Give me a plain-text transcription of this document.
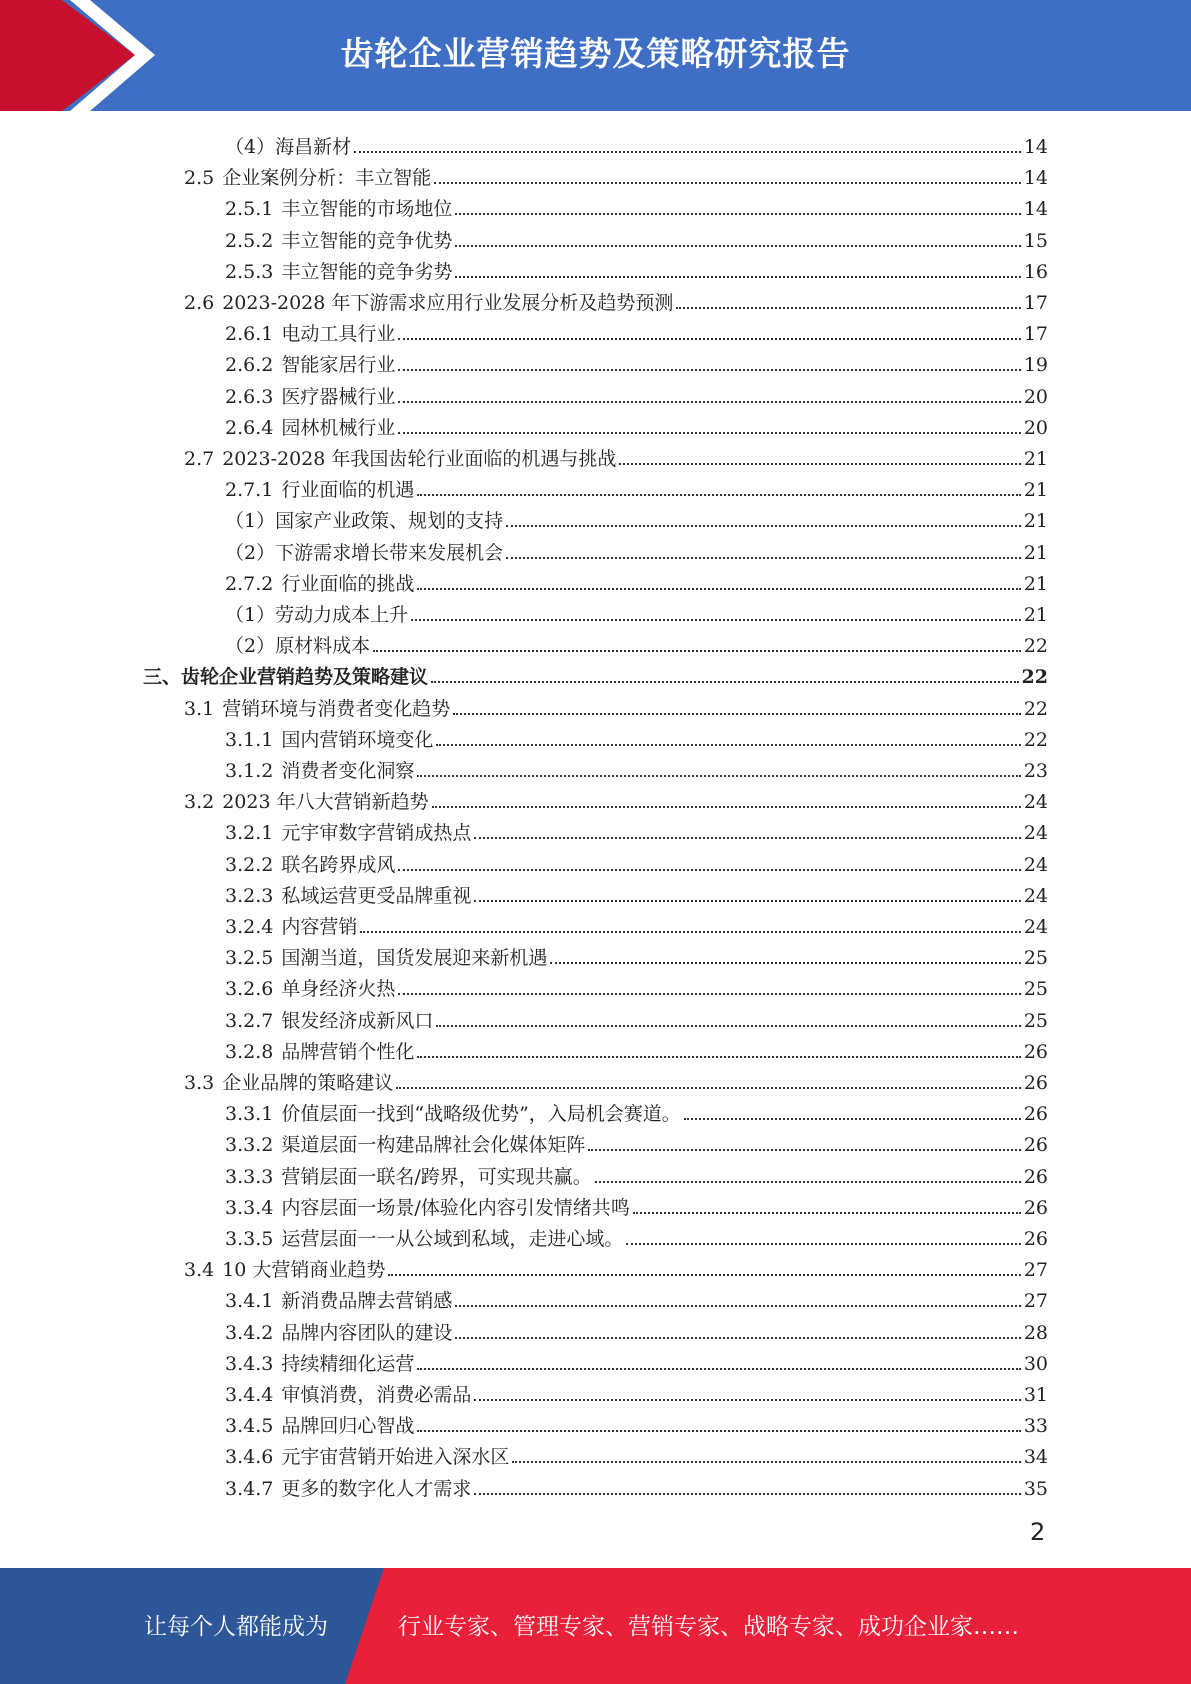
齿轮企业营销趋势及策略研究报告
（4） 海昌新材	14
2.5 企业案例分析：丰立智能	14
2.5.1 丰立智能的市场地位	14
2.5.2 丰立智能的竞争优势	15
2.5.3 丰立智能的竞争劣势	16
2.6 2023-2028 年下游需求应用行业发展分析及趋势预测	17
2.6.1 电动工具行业	17
2.6.2 智能家居行业	19
2.6.3 医疗器械行业	20
2.6.4 园林机械行业	20
2.7 2023-2028 年我国齿轮行业面临的机遇与挑战	21
2.7.1 行业面临的机遇	21
（1） 国家产业政策、规划的支持	21
（2） 下游需求增长带来发展机会	21
2.7.2 行业面临的挑战	21
（1） 劳动力成本上升	21
（2） 原材料成本	22
三、 齿轮企业营销趋势及策略建议	22
3.1 营销环境与消费者变化趋势	22
3.1.1 国内营销环境变化	22
3.1.2 消费者变化洞察	23
3.2 2023 年八大营销新趋势	24
3.2.1 元宇审数字营销成热点	24
3.2.2 联名跨界成风	24
3.2.3 私域运营更受品牌重视	24
3.2.4 内容营销	24
3.2.5 国潮当道，国货发展迎来新机遇	25
3.2.6 单身经济火热	25
3.2.7 银发经济成新风口	25
3.2.8 品牌营销个性化	26
3.3 企业品牌的策略建议	26
3.3.1 价值层面一找到“战略级优势”，入局机会赛道。	26
3.3.2 渠道层面一构建品牌社会化媒体矩阵	26
3.3.3 营销层面一联名/跨界，可实现共赢。	26
3.3.4 内容层面一场景/体验化内容引发情绪共鸣	26
3.3.5 运营层面一一从公域到私域，走进心域。	26
3.4 10 大营销商业趋势	27
3.4.1 新消费品牌去营销感	27
3.4.2 品牌内容团队的建设	28
3.4.3 持续精细化运营	30
3.4.4 审慎消费，消费必需品	31
3.4.5 品牌回归心智战	33
3.4.6 元宇宙营销开始进入深水区	34
3.4.7 更多的数字化人才需求	35
2
让每个人都能成为	行业专家、管理专家、营销专家、战略专家、成功企业家……
